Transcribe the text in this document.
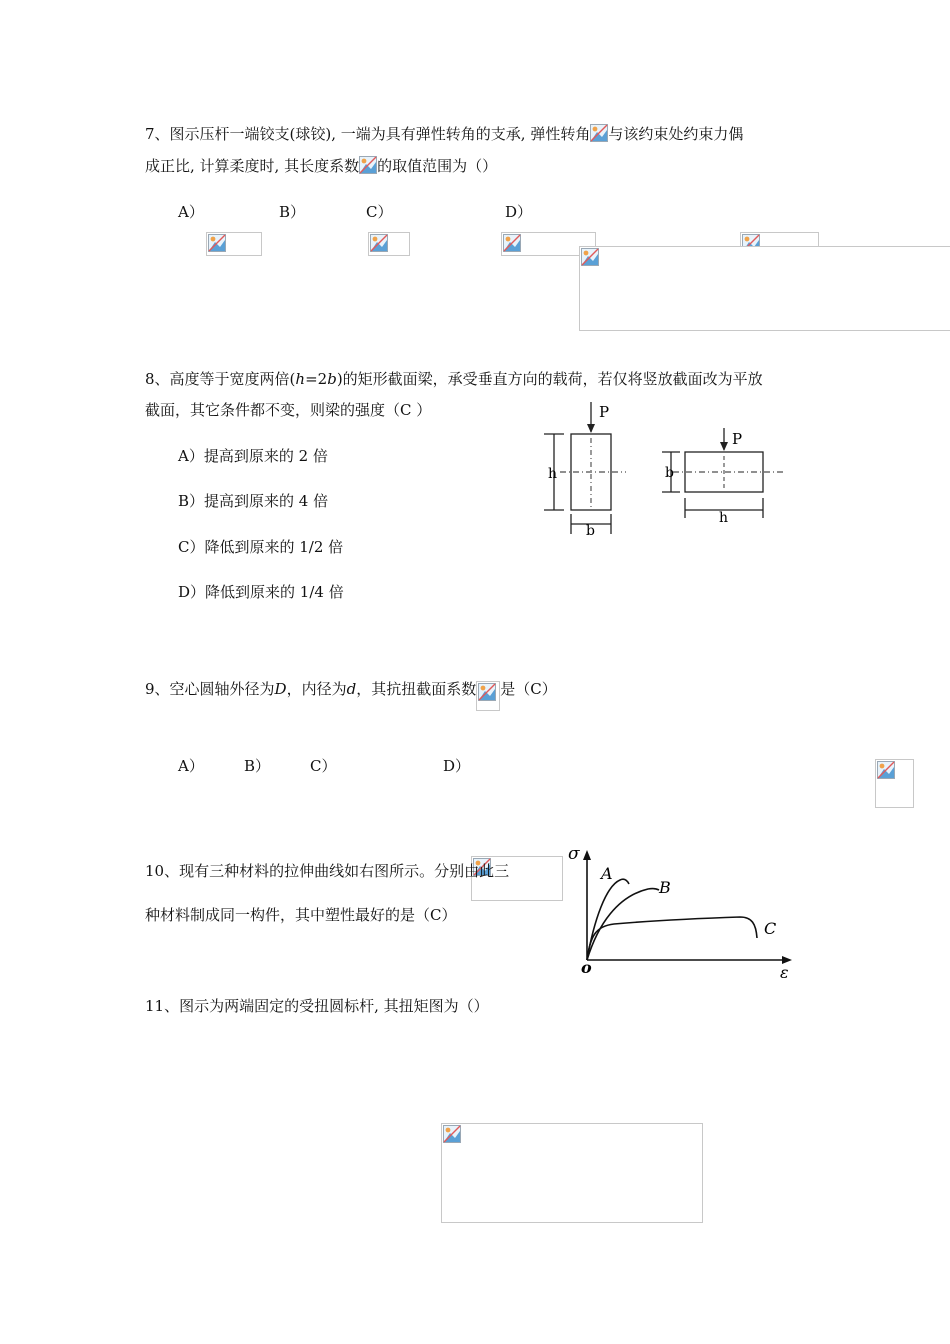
7、图示压杆一端铰支(球铰), 一端为具有弹性转角的支承, 弹性转角 与该约束处约束力偶
成正比, 计算柔度时, 其长度系数 的取值范围为（）
A）
	B）
	C）
	D）

8、高度等于宽度两倍(h=2b)的矩形截面梁，承受垂直方向的载荷，若仅将竖放截面改为平放
截面，其它条件都不变，则梁的强度（C ）
A）提高到原来的 2 倍
B）提高到原来的 4 倍
C）降低到原来的 1/2 倍
D）降低到原来的 1/4 倍
P
h
b
P
b
h
9、空心圆轴外径为D，内径为d，其抗扭截面系数 是（C）
A）
	B）
	C）
	D）

10、现有三种材料的拉伸曲线如右图所示。分别由此三
种材料制成同一构件，其中塑性最好的是（C）
σ
ε
o
A
B
C
11、图示为两端固定的受扭圆标杆, 其扭矩图为（）
